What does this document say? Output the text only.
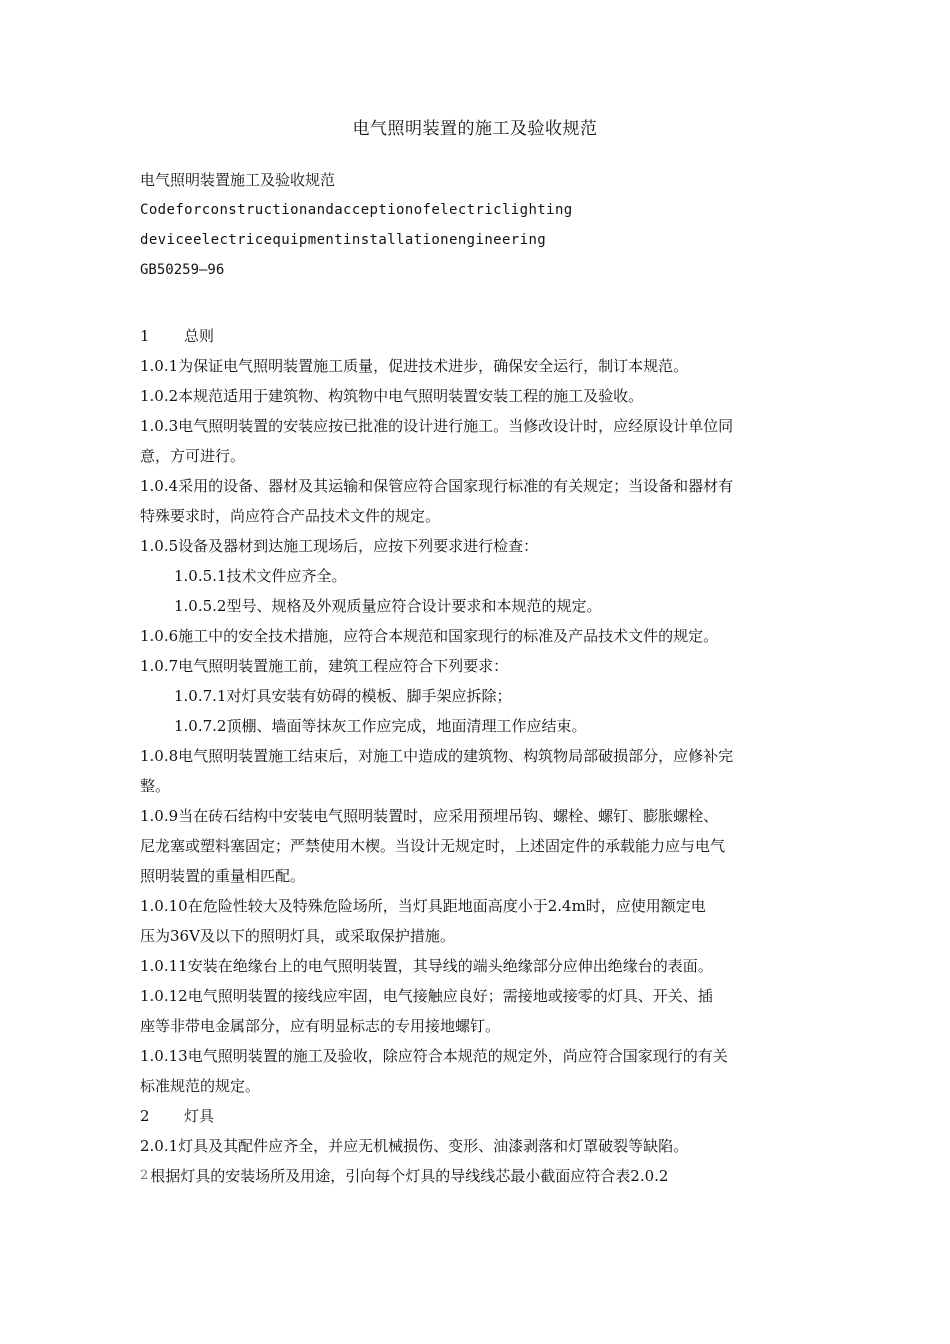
电气照明装置的施工及验收规范
电气照明装置施工及验收规范
Codeforconstructionandacceptionofelectriclighting
deviceelectricequipmentinstallationengineering
GB50259—96
1 总则
1.0.1为保证电气照明装置施工质量，促进技术进步，确保安全运行，制订本规范。
1.0.2本规范适用于建筑物、构筑物中电气照明装置安装工程的施工及验收。
1.0.3电气照明装置的安装应按已批准的设计进行施工。当修改设计时，应经原设计单位同
意，方可进行。
1.0.4采用的设备、器材及其运输和保管应符合国家现行标准的有关规定；当设备和器材有
特殊要求时，尚应符合产品技术文件的规定。
1.0.5设备及器材到达施工现场后，应按下列要求进行检查：
1.0.5.1技术文件应齐全。
1.0.5.2型号、规格及外观质量应符合设计要求和本规范的规定。
1.0.6施工中的安全技术措施，应符合本规范和国家现行的标准及产品技术文件的规定。
1.0.7电气照明装置施工前，建筑工程应符合下列要求：
1.0.7.1对灯具安装有妨碍的模板、脚手架应拆除；
1.0.7.2顶棚、墙面等抹灰工作应完成，地面清理工作应结束。
1.0.8电气照明装置施工结束后，对施工中造成的建筑物、构筑物局部破损部分，应修补完
整。
1.0.9当在砖石结构中安装电气照明装置时，应采用预埋吊钩、螺栓、螺钉、膨胀螺栓、
尼龙塞或塑料塞固定；严禁使用木楔。当设计无规定时，上述固定件的承载能力应与电气
照明装置的重量相匹配。
1.0.10在危险性较大及特殊危险场所，当灯具距地面高度小于2.4m时，应使用额定电
压为36V及以下的照明灯具，或采取保护措施。
1.0.11安装在绝缘台上的电气照明装置，其导线的端头绝缘部分应伸出绝缘台的表面。
1.0.12电气照明装置的接线应牢固，电气接触应良好；需接地或接零的灯具、开关、插
座等非带电金属部分，应有明显标志的专用接地螺钉。
1.0.13电气照明装置的施工及验收，除应符合本规范的规定外，尚应符合国家现行的有关
标准规范的规定。
2 灯具
2.0.1灯具及其配件应齐全，并应无机械损伤、变形、油漆剥落和灯罩破裂等缺陷。
2 根据灯具的安装场所及用途，引向每个灯具的导线线芯最小截面应符合表2.0.2
